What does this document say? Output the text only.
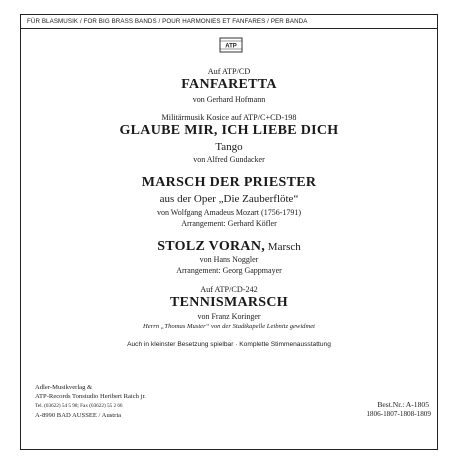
FÜR BLASMUSIK / FOR BIG BRASS BANDS / POUR HARMONIES ET FANFARES / PER BANDA
ATP
Auf ATP/CD
FANFARETTA
von Gerhard Hofmann
Militärmusik Kosice auf ATP/C+CD-198
GLAUBE MIR, ICH LIEBE DICH
Tango
von Alfred Gundacker
MARSCH DER PRIESTER
aus der Oper „Die Zauberflöte“
von Wolfgang Amadeus Mozart (1756-1791)
Arrangement: Gerhard Köfler
STOLZ VORAN, Marsch
von Hans Noggler
Arrangement: Georg Gappmayer
Auf ATP/CD-242
TENNISMARSCH
von Franz Koringer
Herrn „Thomas Muster“ von der Stadtkapelle Leibnitz gewidmet
Auch in kleinster Besetzung spielbar · Komplette Stimmenausstattung
Adler-Musikverlag &
ATP-Records Tonstudio Heribert Raich jr.
Tel. (03622) 54 5 98; Fax (03622) 55 2 66
A-8990 BAD AUSSEE / Austria
Best.Nr.: A-1805
1806-1807-1808-1809
